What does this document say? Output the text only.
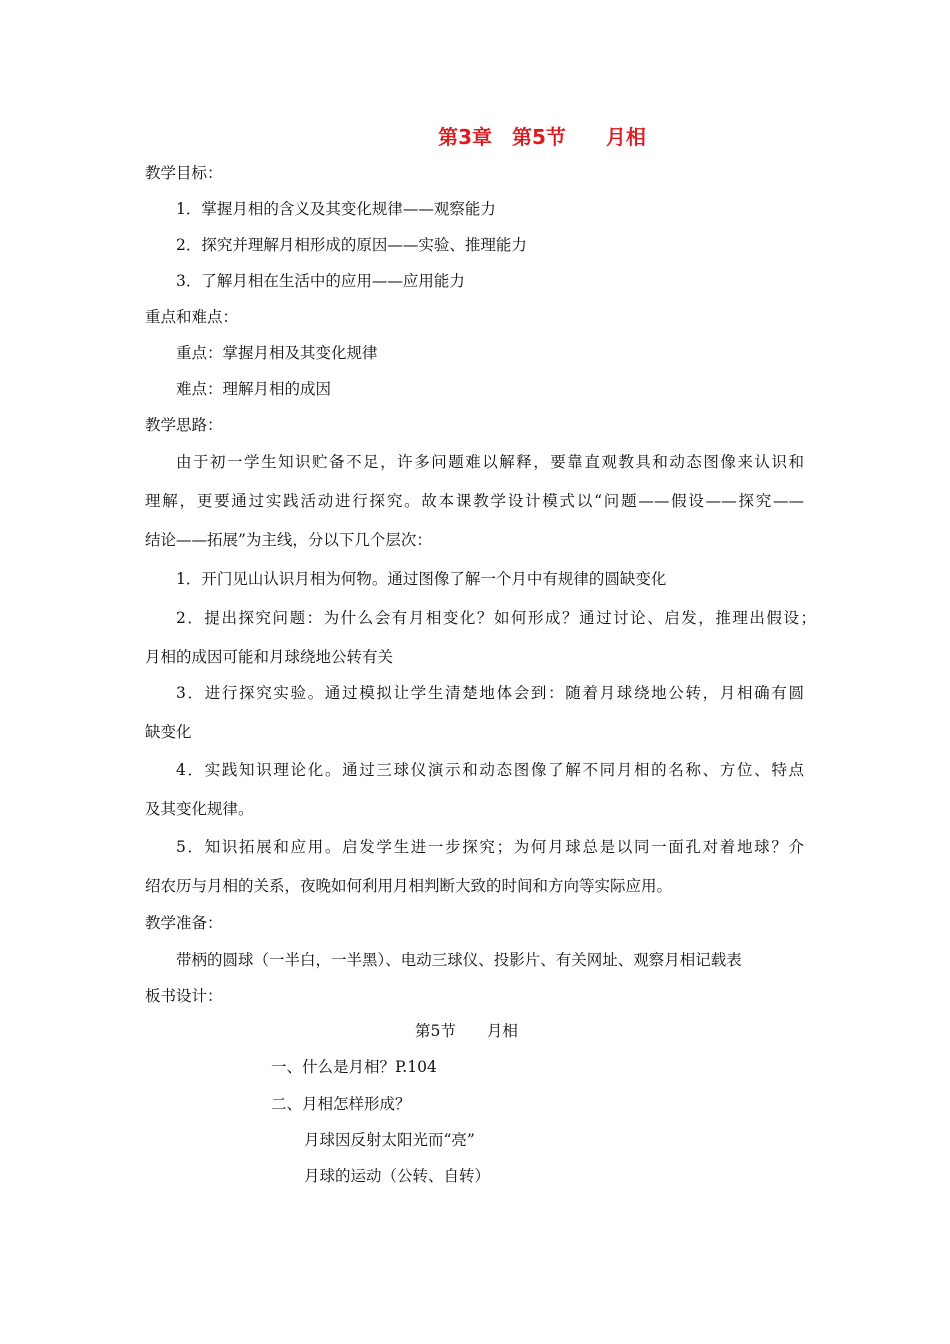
第3章　第5节　　月相
教学目标：
1．掌握月相的含义及其变化规律——观察能力
2．探究并理解月相形成的原因——实验、推理能力
3．了解月相在生活中的应用——应用能力
重点和难点：
重点：掌握月相及其变化规律
难点：理解月相的成因
教学思路：
由于初一学生知识贮备不足，许多问题难以解释，要靠直观教具和动态图像来认识和
理解，更要通过实践活动进行探究。故本课教学设计模式以“问题——假设——探究——
结论——拓展”为主线，分以下几个层次：
1．开门见山认识月相为何物。通过图像了解一个月中有规律的圆缺变化
2．提出探究问题：为什么会有月相变化？如何形成？通过讨论、启发，推理出假设；
月相的成因可能和月球绕地公转有关
3．进行探究实验。通过模拟让学生清楚地体会到：随着月球绕地公转，月相确有圆
缺变化
4．实践知识理论化。通过三球仪演示和动态图像了解不同月相的名称、方位、特点
及其变化规律。
5．知识拓展和应用。启发学生进一步探究；为何月球总是以同一面孔对着地球？介
绍农历与月相的关系，夜晚如何利用月相判断大致的时间和方向等实际应用。
教学准备：
带柄的圆球（一半白，一半黑）、电动三球仪、投影片、有关网址、观察月相记载表
板书设计：
第5节　　月相
一、什么是月相？P.104
二、月相怎样形成？
月球因反射太阳光而“亮”
月球的运动（公转、自转）
